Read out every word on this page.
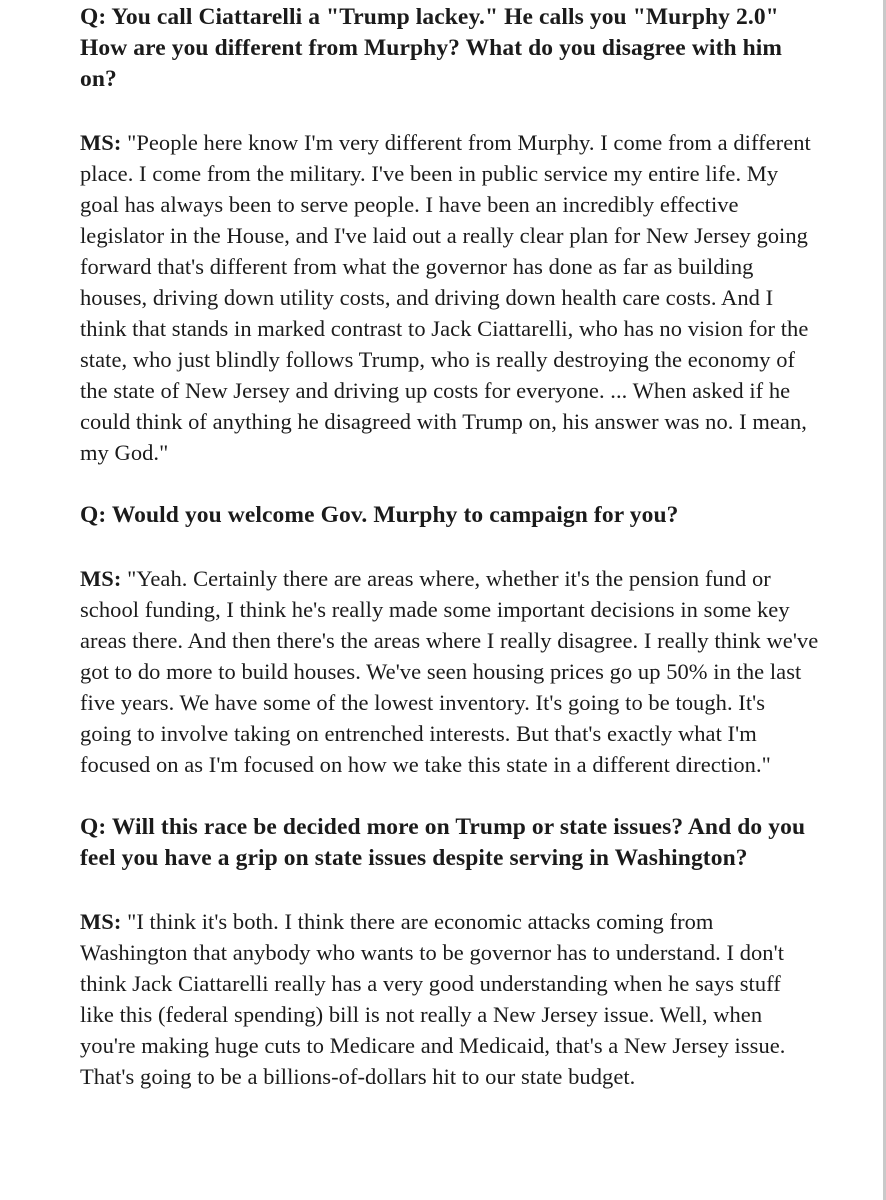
Q: You call Ciattarelli a "Trump lackey." He calls you "Murphy 2.0" How are you different from Murphy? What do you disagree with him on?

MS: "People here know I'm very different from Murphy. I come from a different place. I come from the military. I've been in public service my entire life. My goal has always been to serve people. I have been an incredibly effective legislator in the House, and I've laid out a really clear plan for New Jersey going forward that's different from what the governor has done as far as building houses, driving down utility costs, and driving down health care costs. And I think that stands in marked contrast to Jack Ciattarelli, who has no vision for the state, who just blindly follows Trump, who is really destroying the economy of the state of New Jersey and driving up costs for everyone. ... When asked if he could think of anything he disagreed with Trump on, his answer was no. I mean, my God."

Q: Would you welcome Gov. Murphy to campaign for you?

MS: "Yeah. Certainly there are areas where, whether it's the pension fund or school funding, I think he's really made some important decisions in some key areas there. And then there's the areas where I really disagree. I really think we've got to do more to build houses. We've seen housing prices go up 50% in the last five years. We have some of the lowest inventory. It's going to be tough. It's going to involve taking on entrenched interests. But that's exactly what I'm focused on as I'm focused on how we take this state in a different direction."

Q: Will this race be decided more on Trump or state issues? And do you feel you have a grip on state issues despite serving in Washington?

MS: "I think it's both. I think there are economic attacks coming from Washington that anybody who wants to be governor has to understand. I don't think Jack Ciattarelli really has a very good understanding when he says stuff like this (federal spending) bill is not really a New Jersey issue. Well, when you're making huge cuts to Medicare and Medicaid, that's a New Jersey issue. That's going to be a billions-of-dollars hit to our state budget.
